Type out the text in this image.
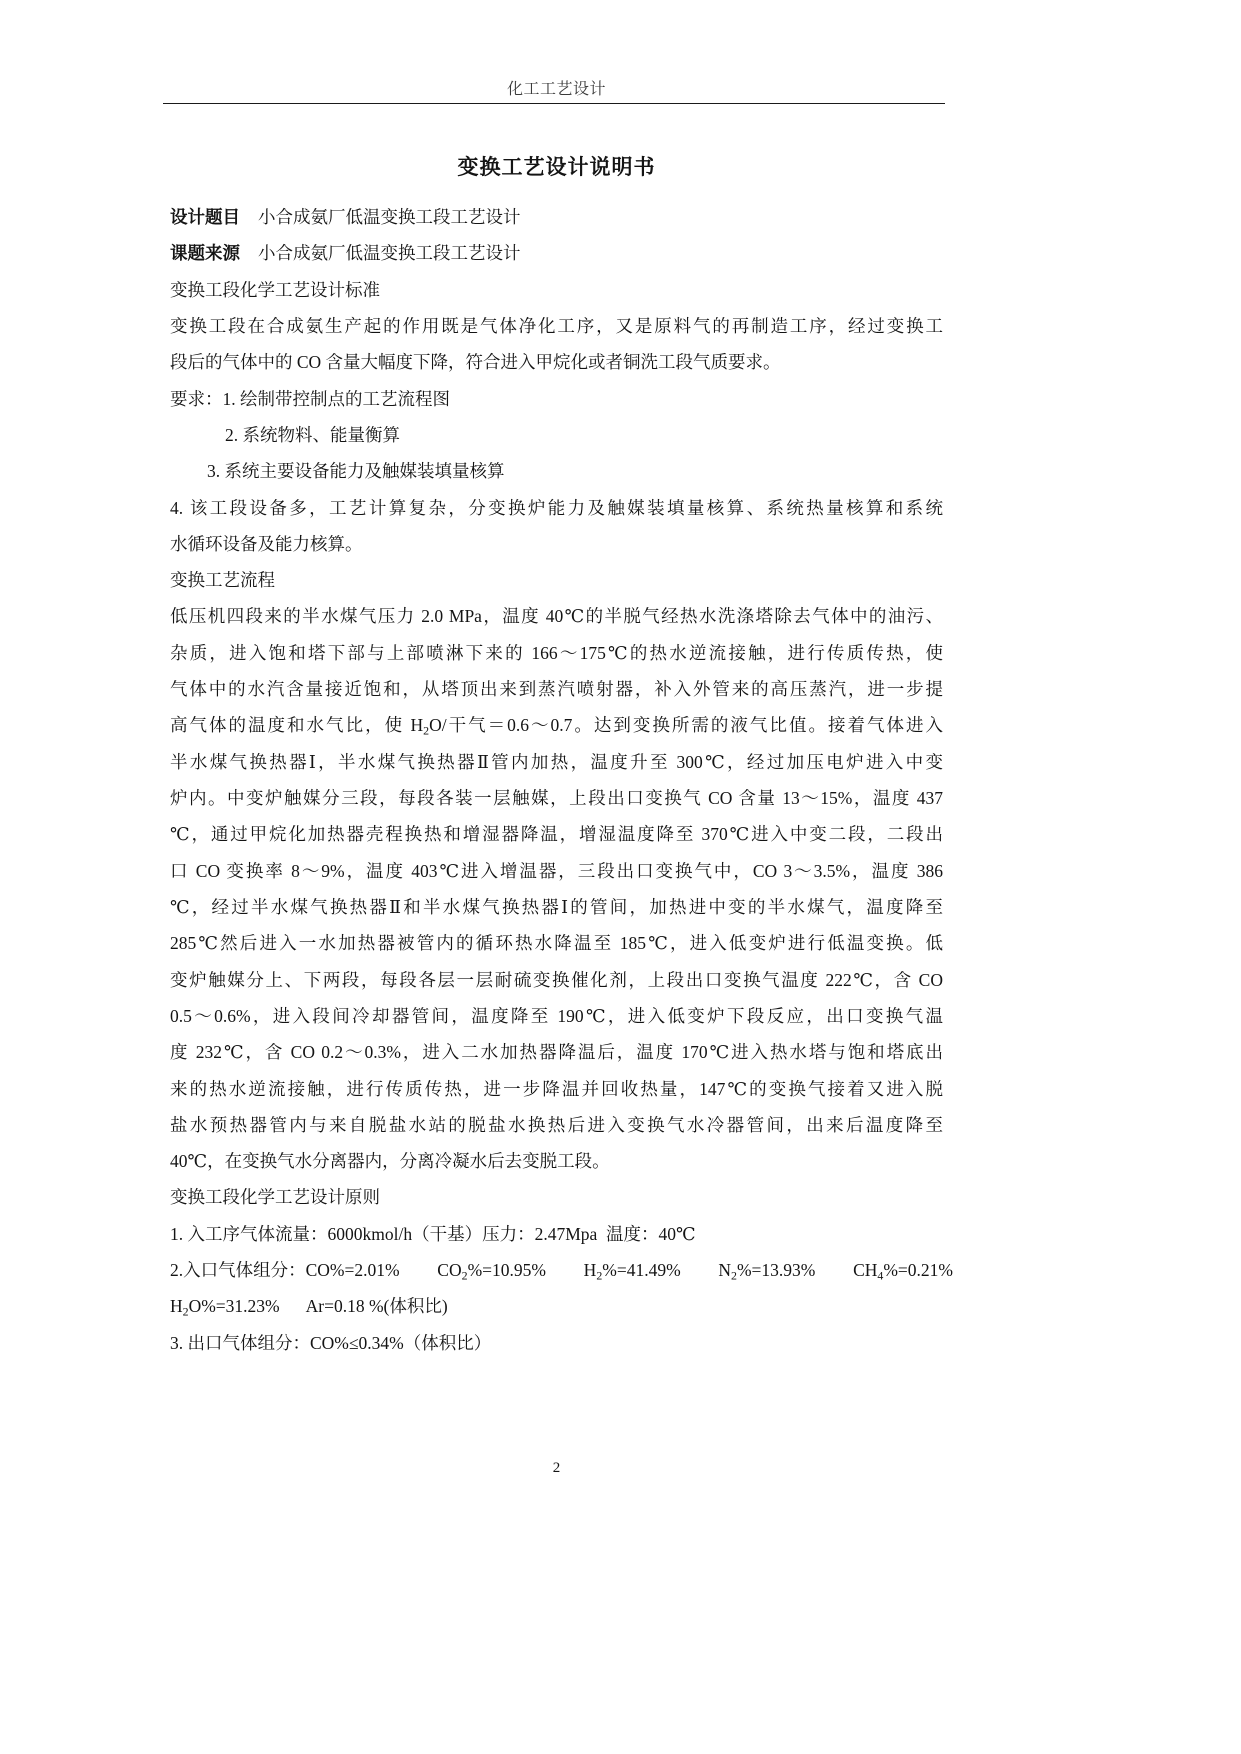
化工工艺设计
变换工艺设计说明书
设计题目 小合成氨厂低温变换工段工艺设计
课题来源 小合成氨厂低温变换工段工艺设计
变换工段化学工艺设计标准
变换工段在合成氨生产起的作用既是气体净化工序，又是原料气的再制造工序，经过变换工
段后的气体中的 CO 含量大幅度下降，符合进入甲烷化或者铜洗工段气质要求。
要求：1. 绘制带控制点的工艺流程图
2. 系统物料、能量衡算
3. 系统主要设备能力及触媒装填量核算
4. 该工段设备多，工艺计算复杂，分变换炉能力及触媒装填量核算、系统热量核算和系统
水循环设备及能力核算。
变换工艺流程
低压机四段来的半水煤气压力 2.0 MPa，温度 40℃的半脱气经热水洗涤塔除去气体中的油污、
杂质，进入饱和塔下部与上部喷淋下来的 166～175℃的热水逆流接触，进行传质传热，使
气体中的水汽含量接近饱和，从塔顶出来到蒸汽喷射器，补入外管来的高压蒸汽，进一步提
高气体的温度和水气比，使 $H_2O/$干气＝0.6～0.7。达到变换所需的液气比值。接着气体进入
半水煤气换热器Ⅰ，半水煤气换热器Ⅱ管内加热，温度升至 300℃，经过加压电炉进入中变
炉内。中变炉触媒分三段，每段各装一层触媒，上段出口变换气 CO 含量 13～15%，温度 437
℃，通过甲烷化加热器壳程换热和增湿器降温，增湿温度降至 370℃进入中变二段，二段出
口 CO 变换率 8～9%，温度 403℃进入增温器，三段出口变换气中，CO 3～3.5%，温度 386
℃，经过半水煤气换热器Ⅱ和半水煤气换热器Ⅰ的管间，加热进中变的半水煤气，温度降至
285℃然后进入一水加热器被管内的循环热水降温至 185℃，进入低变炉进行低温变换。低
变炉触媒分上、下两段，每段各层一层耐硫变换催化剂，上段出口变换气温度 222℃，含 CO
0.5～0.6%，进入段间冷却器管间，温度降至 190℃，进入低变炉下段反应，出口变换气温
度 232℃，含 CO 0.2～0.3%，进入二水加热器降温后，温度 170℃进入热水塔与饱和塔底出
来的热水逆流接触，进行传质传热，进一步降温并回收热量，147℃的变换气接着又进入脱
盐水预热器管内与来自脱盐水站的脱盐水换热后进入变换气水冷器管间，出来后温度降至
40℃，在变换气水分离器内，分离冷凝水后去变脱工段。
变换工段化学工艺设计原则
1. 入工序气体流量：6000kmol/h（干基）压力：2.47Mpa  温度：40℃
2.入口气体组分：CO%=2.01% $CO_2\%=10.95\%$ $H_2\%=41.49\%$ $N_2\%=13.93\%$ $CH_4\%=0.21\%$
$H_2O\%=31.23\%$ Ar=0.18 %(体积比)
3. 出口气体组分：CO%≤0.34%（体积比）
2
